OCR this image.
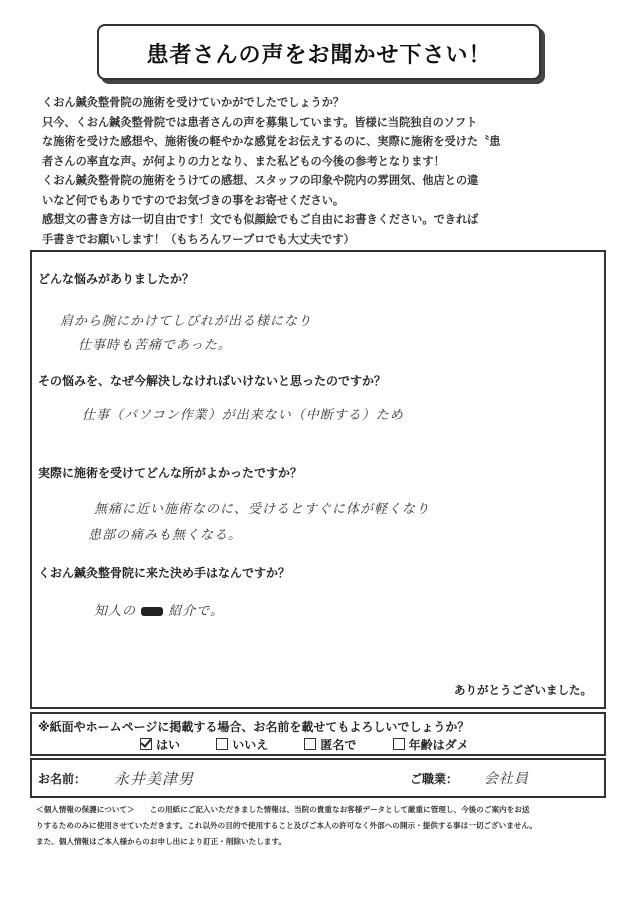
患者さんの声をお聞かせ下さい！

くおん鍼灸整骨院の施術を受けていかがでしたでしょうか？

只今、くおん鍼灸整骨院では患者さんの声を募集しています。皆様に当院独自のソフト

な施術を受けた感想や、施術後の軽やかな感覚をお伝えするのに、実際に施術を受けた〝患

者さんの率直な声〟が何よりの力となり、また私どもの今後の参考となります！

くおん鍼灸整骨院の施術をうけての感想、スタッフの印象や院内の雰囲気、他店との違

いなど何でもありですのでお気づきの事をお寄せください。

感想文の書き方は一切自由です！文でも似顔絵でもご自由にお書きください。できれば

手書きでお願いします！（もちろんワープロでも大丈夫です）

どんな悩みがありましたか？
肩から腕にかけてしびれが出る様になり
仕事時も苦痛であった。
その悩みを、なぜ今解決しなければいけないと思ったのですか？
仕事（パソコン作業）が出来ない（中断する）ため
実際に施術を受けてどんな所がよかったですか？
無痛に近い施術なのに、受けるとすぐに体が軽くなり
患部の痛みも無くなる。
くおん鍼灸整骨院に来た決め手はなんですか？
知人の 紹介で。
ありがとうございました。
※紙面やホームページに掲載する場合、お名前を載せてもよろしいでしょうか？
はい	いいえ	匿名で	年齢はダメ
お名前： 永井美津男	ご職業： 会社員

＜個人情報の保護について＞　　この用紙にご記入いただきました情報は、当院の貴重なお客様データとして厳重に管理し、今後のご案内をお送

りするためのみに使用させていただきます。これ以外の目的で使用すること及びご本人の許可なく外部への開示・提供する事は一切ございません。

また、個人情報はご本人様からのお申し出により訂正・削除いたします。
